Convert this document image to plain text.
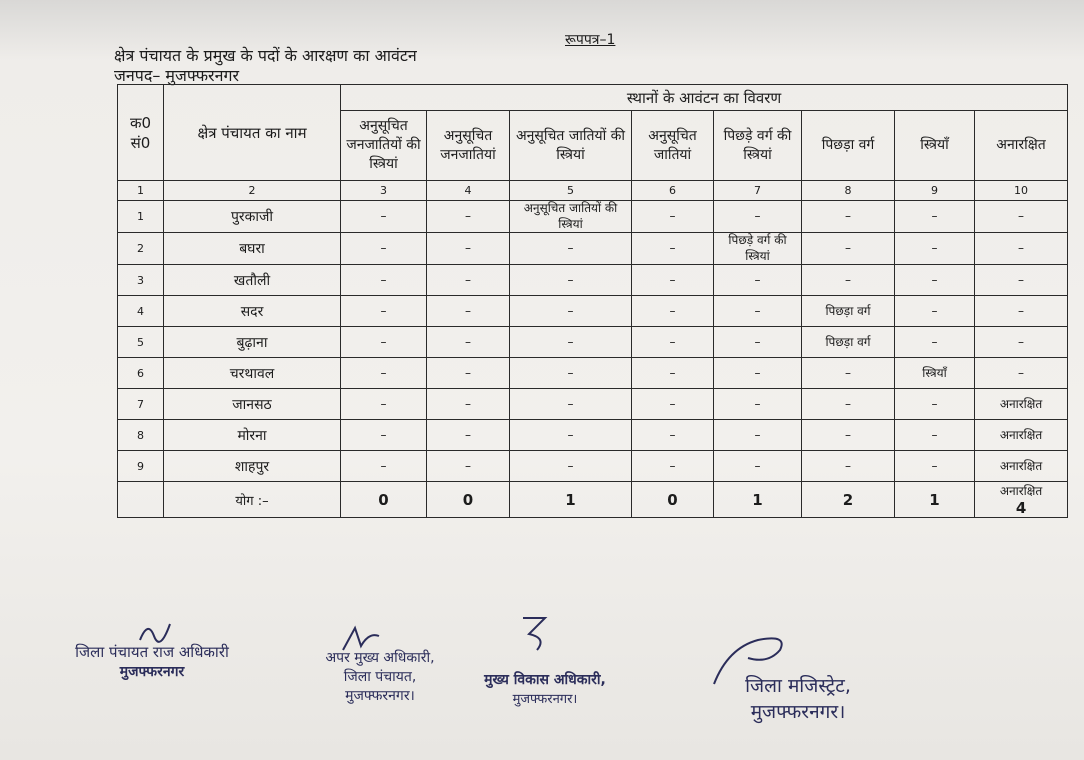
रूपपत्र–1
क्षेत्र पंचायत के प्रमुख के पदों के आरक्षण का आवंटन
जनपद– मुजफ्फरनगर
क0 सं0	क्षेत्र पंचायत का नाम	स्थानों के आवंटन का विवरण							
		अनुसूचित जनजातियों की स्त्रियां	अनुसूचित जनजातियां	अनुसूचित जातियों की स्त्रियां	अनुसूचित जातियां	पिछड़े वर्ग की स्त्रियां	पिछड़ा वर्ग	स्त्रियाँ	अनारक्षित
1	2	3	4	5	6	7	8	9	10
1	पुरकाजी	–	–	अनुसूचित जातियों की स्त्रियां	–	–	–	–	–
2	बघरा	–	–	–	–	पिछड़े वर्ग की स्त्रियां	–	–	–
3	खतौली	–	–	–	–	–	–	–	–
4	सदर	–	–	–	–	–	पिछड़ा वर्ग	–	–
5	बुढ़ाना	–	–	–	–	–	पिछड़ा वर्ग	–	–
6	चरथावल	–	–	–	–	–	–	स्त्रियाँ	–
7	जानसठ	–	–	–	–	–	–	–	अनारक्षित
8	मोरना	–	–	–	–	–	–	–	अनारक्षित
9	शाहपुर	–	–	–	–	–	–	–	अनारक्षित
	योग :–	0	0	1	0	1	2	1	अनारक्षित
4
जिला पंचायत राज अधिकारी
मुजफ्फरनगर
अपर मुख्य अधिकारी,
जिला पंचायत,
मुजफ्फरनगर।
मुख्य विकास अधिकारी,
मुजफ्फरनगर।
जिला मजिस्ट्रेट,
मुजफ्फरनगर।
